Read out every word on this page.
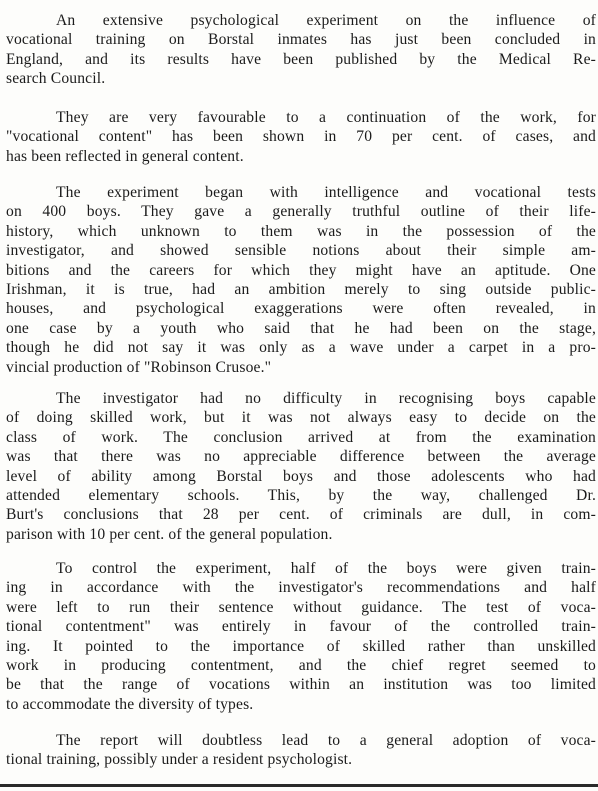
An extensive psychological experiment on the influence of
vocational training on Borstal inmates has just been concluded in
England, and its results have been published by the Medical Re-
search Council.

They are very favourable to a continuation of the work, for
"vocational content" has been shown in 70 per cent. of cases, and
has been reflected in general content.

The experiment began with intelligence and vocational tests
on 400 boys. They gave a generally truthful outline of their life-
history, which unknown to them was in the possession of the
investigator, and showed sensible notions about their simple am-
bitions and the careers for which they might have an aptitude. One
Irishman, it is true, had an ambition merely to sing outside public-
houses, and psychological exaggerations were often revealed, in
one case by a youth who said that he had been on the stage,
though he did not say it was only as a wave under a carpet in a pro-
vincial production of "Robinson Crusoe."

The investigator had no difficulty in recognising boys capable
of doing skilled work, but it was not always easy to decide on the
class of work. The conclusion arrived at from the examination
was that there was no appreciable difference between the average
level of ability among Borstal boys and those adolescents who had
attended elementary schools. This, by the way, challenged Dr.
Burt's conclusions that 28 per cent. of criminals are dull, in com-
parison with 10 per cent. of the general population.

To control the experiment, half of the boys were given train-
ing in accordance with the investigator's recommendations and half
were left to run their sentence without guidance. The test of voca-
tional contentment" was entirely in favour of the controlled train-
ing. It pointed to the importance of skilled rather than unskilled
work in producing contentment, and the chief regret seemed to
be that the range of vocations within an institution was too limited
to accommodate the diversity of types.

The report will doubtless lead to a general adoption of voca-
tional training, possibly under a resident psychologist.
